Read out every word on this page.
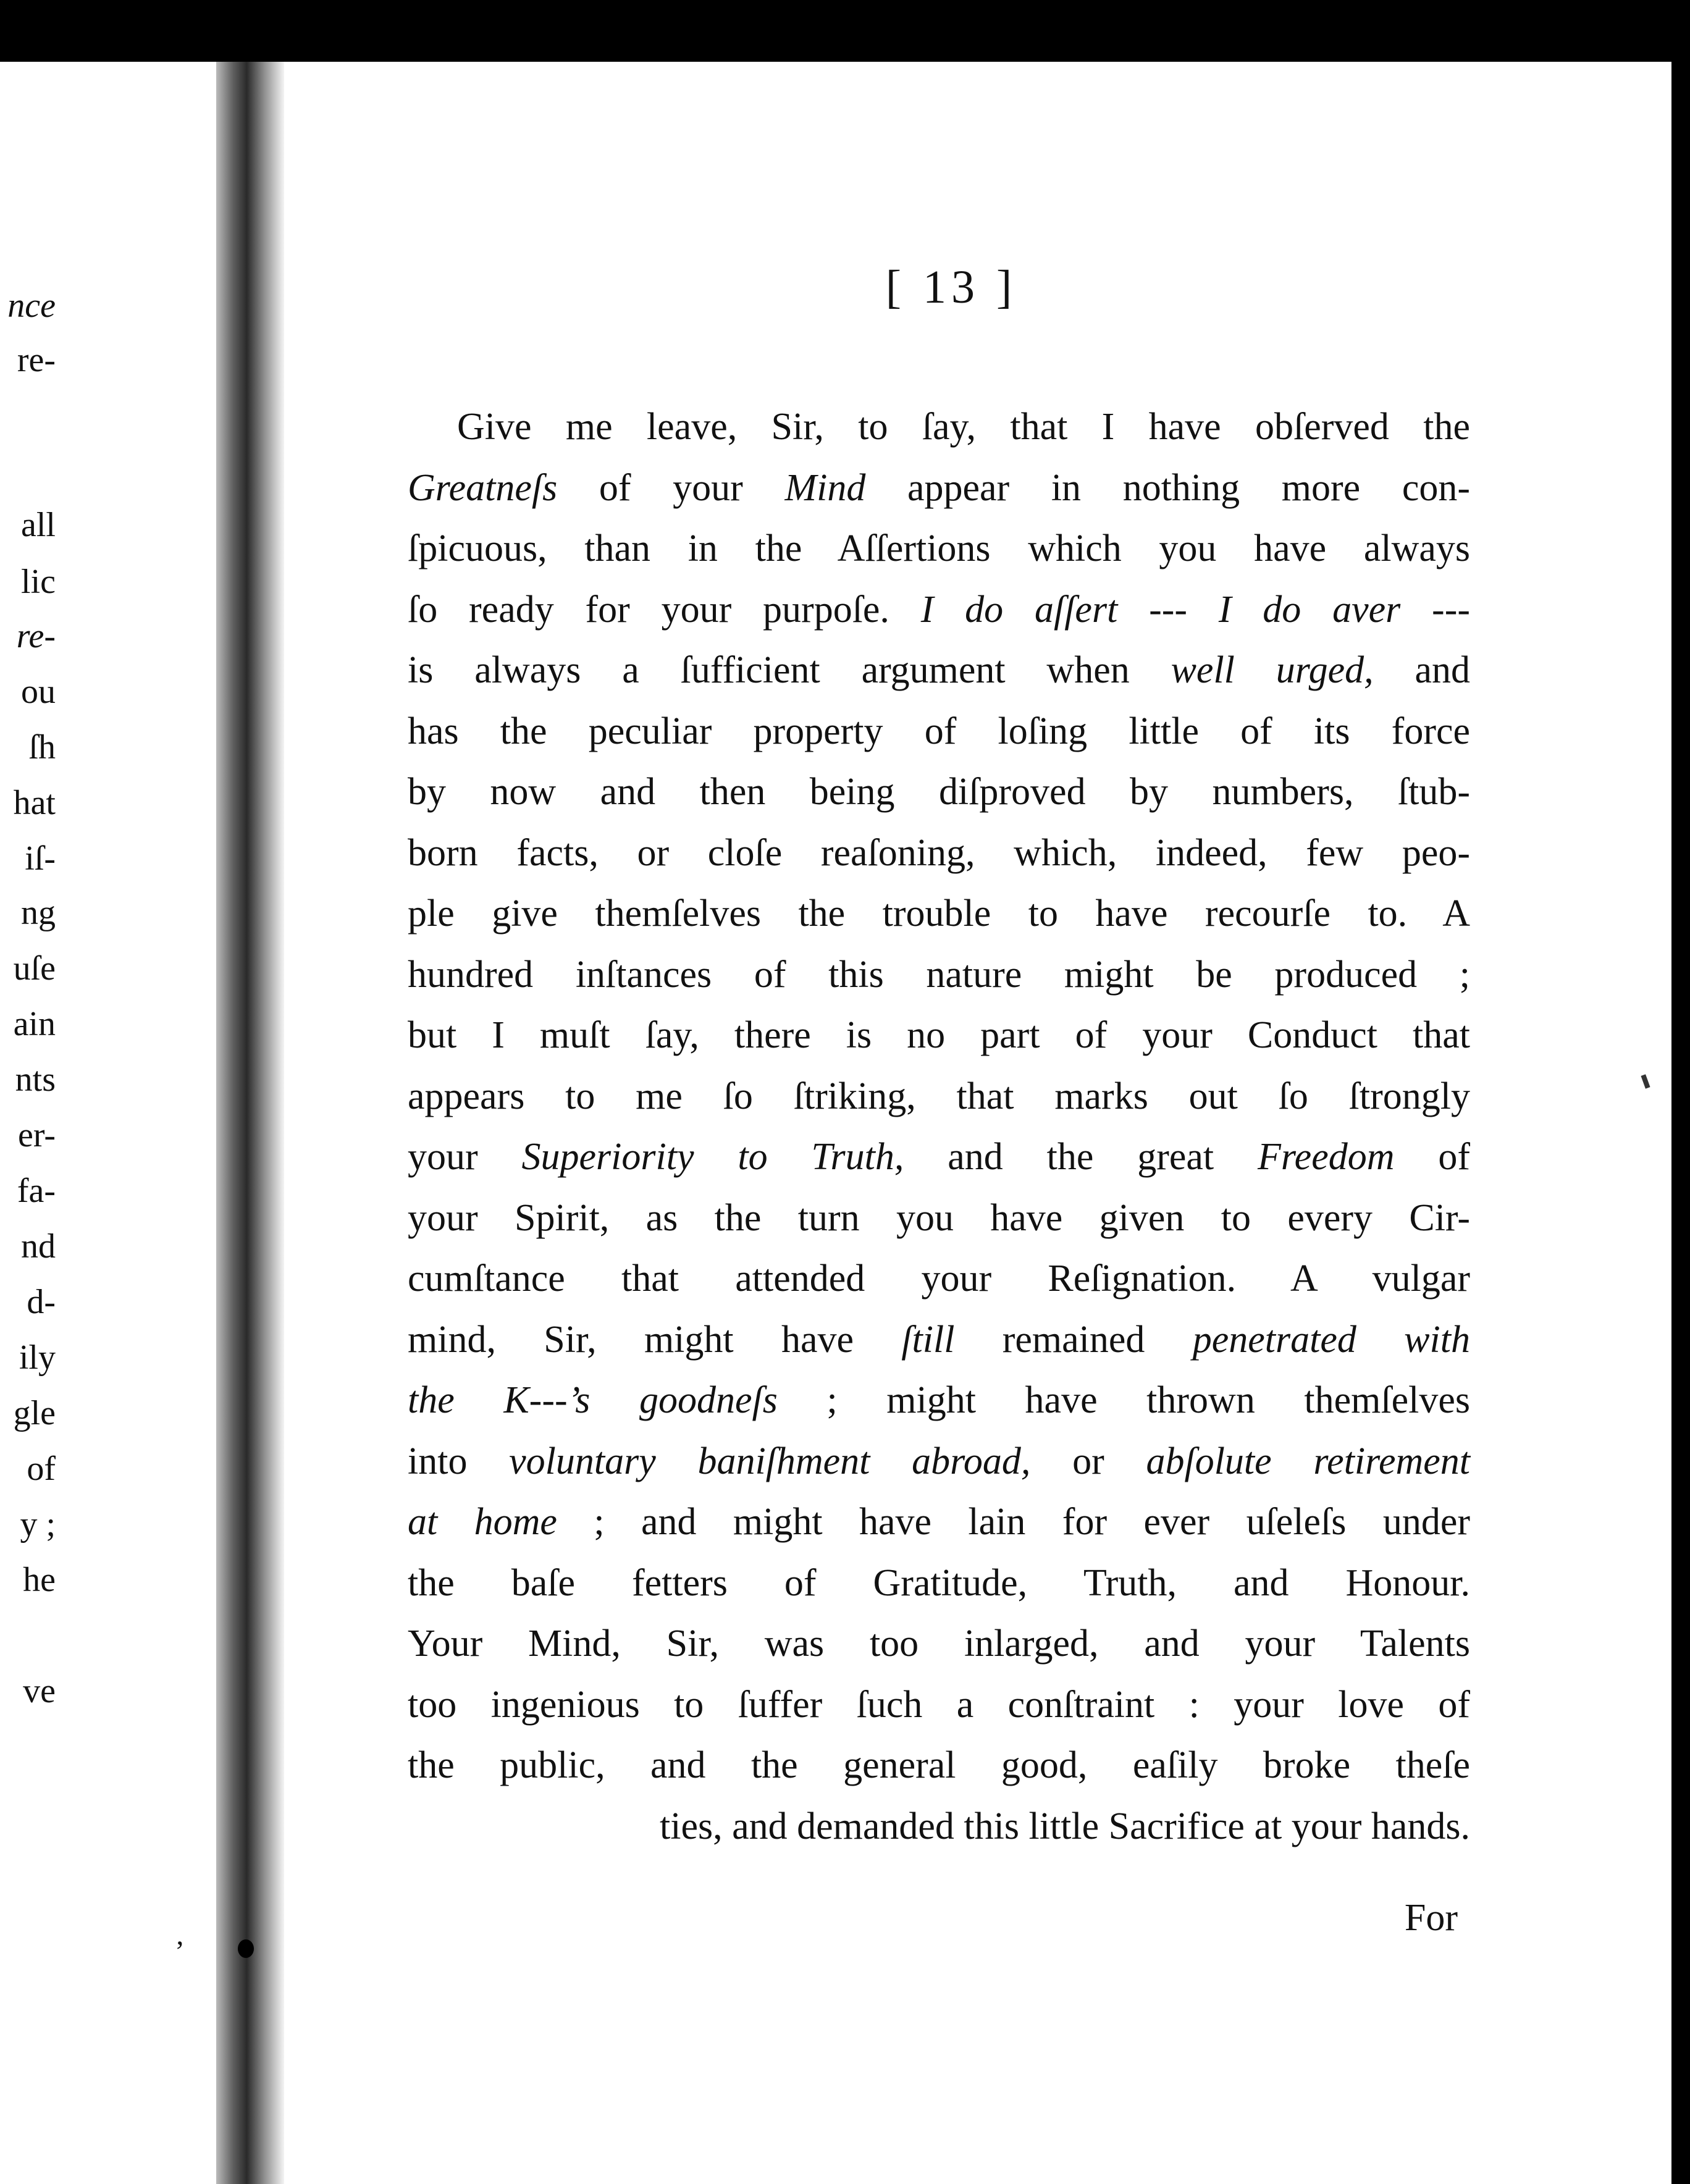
nce
re-
all
lic
re-
ou
ſh
hat
iſ-
ng
uſe
ain
nts
er-
fa-
nd
d-
ily
gle
of
y ;
he
ve
’
[ 13 ]
Give me leave, Sir, to ſay, that I have obſerved the
Greatneſs of your Mind appear in nothing more con-
ſpicuous, than in the Aſſertions which you have always
ſo ready for your purpoſe. I do aſſert --- I do aver ---
is always a ſufficient argument when well urged, and
has the peculiar property of loſing little of its force
by now and then being diſproved by numbers, ſtub-
born facts, or cloſe reaſoning, which, indeed, few peo-
ple give themſelves the trouble to have recourſe to. A
hundred inſtances of this nature might be produced ;
but I muſt ſay, there is no part of your Conduct that
appears to me ſo ſtriking, that marks out ſo ſtrongly
your Superiority to Truth, and the great Freedom of
your Spirit, as the turn you have given to every Cir-
cumſtance that attended your Reſignation. A vulgar
mind, Sir, might have ſtill remained penetrated with
the K---’s goodneſs ; might have thrown themſelves
into voluntary baniſhment abroad, or abſolute retirement
at home ; and might have lain for ever uſeleſs under
the baſe fetters of Gratitude, Truth, and Honour.
Your Mind, Sir, was too inlarged, and your Talents
too ingenious to ſuffer ſuch a conſtraint : your love of
the public, and the general good, eaſily broke theſe
ties, and demanded this little Sacrifice at your hands.
For
